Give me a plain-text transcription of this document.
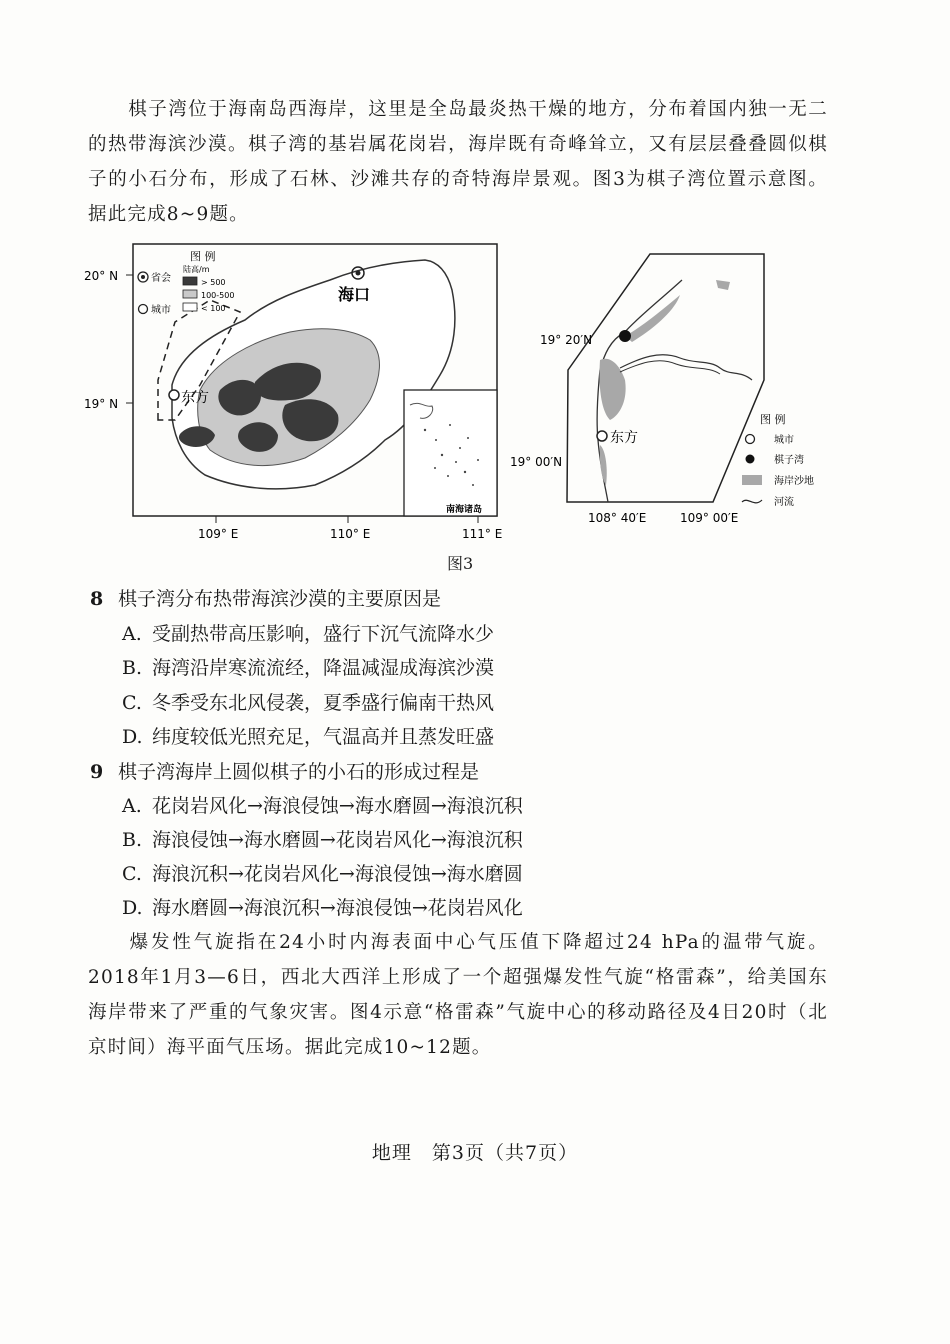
棋子湾位于海南岛西海岸，这里是全岛最炎热干燥的地方，分布着国内独一无二的热带海滨沙漠。棋子湾的基岩属花岗岩，海岸既有奇峰耸立，又有层层叠叠圆似棋子的小石分布，形成了石林、沙滩共存的奇特海岸景观。图3为棋子湾位置示意图。据此完成8~9题。
20° N
19° N
109° E	110° E	111° E
图 例
省会
陆高/m
> 500
100-500
< 100
城市
海口
东方
南海诸岛
东方
19° 20′N
19° 00′N
108° 40′E	109° 00′E
图 例
城市
棋子湾
海岸沙地
河流
图3
8 棋子湾分布热带海滨沙漠的主要原因是
A. 受副热带高压影响，盛行下沉气流降水少
B. 海湾沿岸寒流流经，降温减湿成海滨沙漠
C. 冬季受东北风侵袭，夏季盛行偏南干热风
D. 纬度较低光照充足，气温高并且蒸发旺盛
9 棋子湾海岸上圆似棋子的小石的形成过程是
A. 花岗岩风化→海浪侵蚀→海水磨圆→海浪沉积
B. 海浪侵蚀→海水磨圆→花岗岩风化→海浪沉积
C. 海浪沉积→花岗岩风化→海浪侵蚀→海水磨圆
D. 海水磨圆→海浪沉积→海浪侵蚀→花岗岩风化
爆发性气旋指在24小时内海表面中心气压值下降超过24 hPa的温带气旋。2018年1月3—6日，西北大西洋上形成了一个超强爆发性气旋“格雷森”，给美国东海岸带来了严重的气象灾害。图4示意“格雷森”气旋中心的移动路径及4日20时（北京时间）海平面气压场。据此完成10~12题。
地理　第3页（共7页）
